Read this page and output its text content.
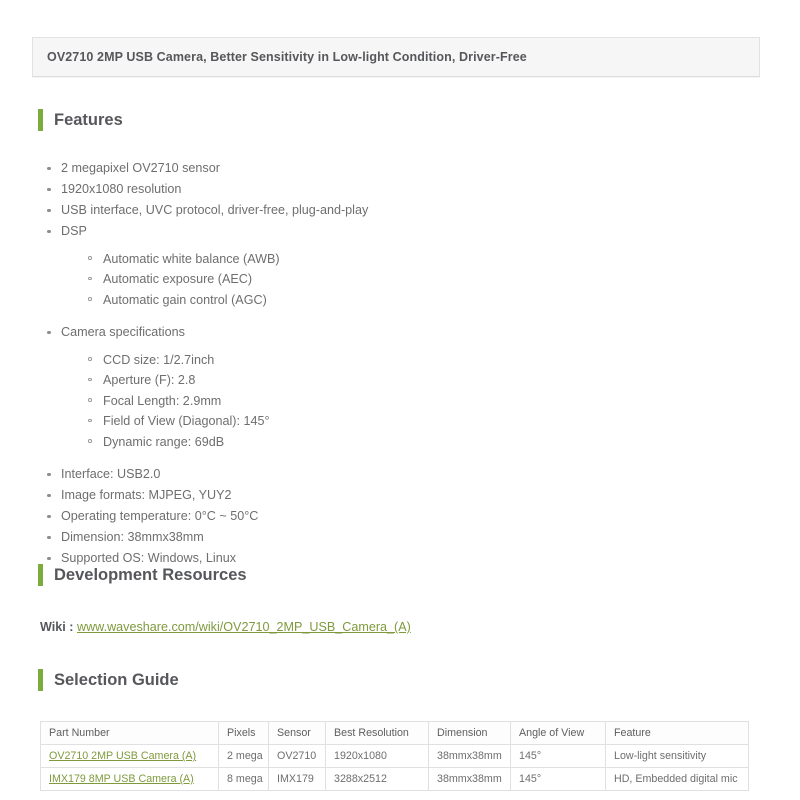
OV2710 2MP USB Camera, Better Sensitivity in Low-light Condition, Driver-Free
Features
2 megapixel OV2710 sensor
1920x1080 resolution
USB interface, UVC protocol, driver-free, plug-and-play
DSP
Automatic white balance (AWB)
Automatic exposure (AEC)
Automatic gain control (AGC)
Camera specifications
CCD size: 1/2.7inch
Aperture (F): 2.8
Focal Length: 2.9mm
Field of View (Diagonal): 145°
Dynamic range: 69dB
Interface: USB2.0
Image formats: MJPEG, YUY2
Operating temperature: 0°C ~ 50°C
Dimension: 38mmx38mm
Supported OS: Windows, Linux
Development Resources
Wiki : www.waveshare.com/wiki/OV2710_2MP_USB_Camera_(A)
Selection Guide
Part Number	Pixels	Sensor	Best Resolution	Dimension	Angle of View	Feature
OV2710 2MP USB Camera (A)	2 mega	OV2710	1920x1080	38mmx38mm	145°	Low-light sensitivity
IMX179 8MP USB Camera (A)	8 mega	IMX179	3288x2512	38mmx38mm	145°	HD, Embedded digital mic
